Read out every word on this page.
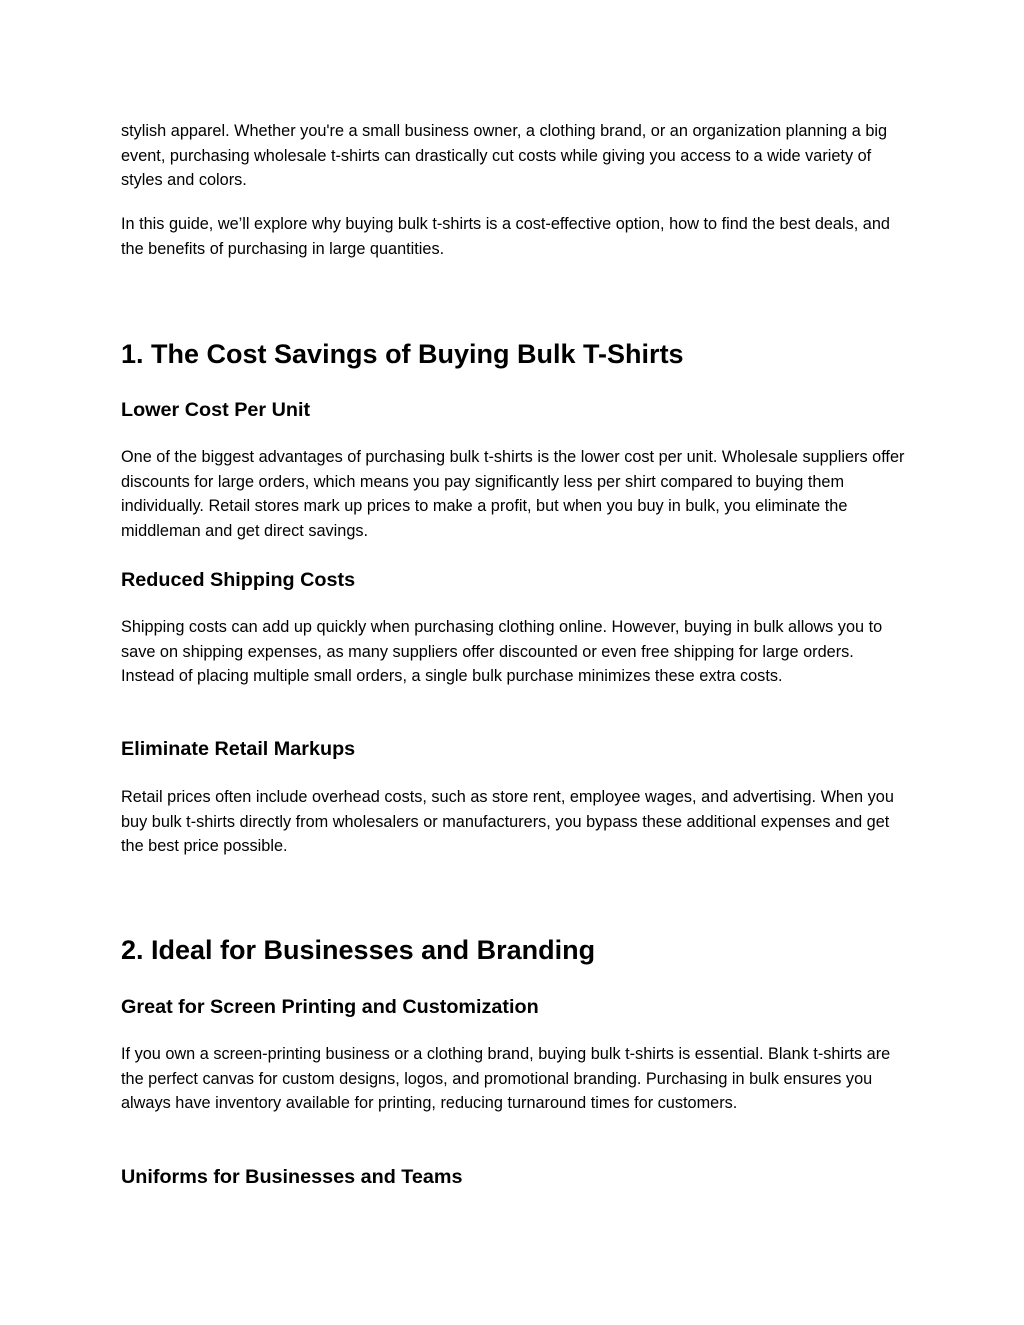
stylish apparel. Whether you're a small business owner, a clothing brand, or an organization planning a big event, purchasing wholesale t-shirts can drastically cut costs while giving you access to a wide variety of styles and colors.

In this guide, we’ll explore why buying bulk t-shirts is a cost-effective option, how to find the best deals, and the benefits of purchasing in large quantities.

1. The Cost Savings of Buying Bulk T-Shirts
Lower Cost Per Unit

One of the biggest advantages of purchasing bulk t-shirts is the lower cost per unit. Wholesale suppliers offer discounts for large orders, which means you pay significantly less per shirt compared to buying them individually. Retail stores mark up prices to make a profit, but when you buy in bulk, you eliminate the middleman and get direct savings.

Reduced Shipping Costs

Shipping costs can add up quickly when purchasing clothing online. However, buying in bulk allows you to save on shipping expenses, as many suppliers offer discounted or even free shipping for large orders. Instead of placing multiple small orders, a single bulk purchase minimizes these extra costs.

Eliminate Retail Markups

Retail prices often include overhead costs, such as store rent, employee wages, and advertising. When you buy bulk t-shirts directly from wholesalers or manufacturers, you bypass these additional expenses and get the best price possible.

2. Ideal for Businesses and Branding
Great for Screen Printing and Customization

If you own a screen-printing business or a clothing brand, buying bulk t-shirts is essential. Blank t-shirts are the perfect canvas for custom designs, logos, and promotional branding. Purchasing in bulk ensures you always have inventory available for printing, reducing turnaround times for customers.

Uniforms for Businesses and Teams
